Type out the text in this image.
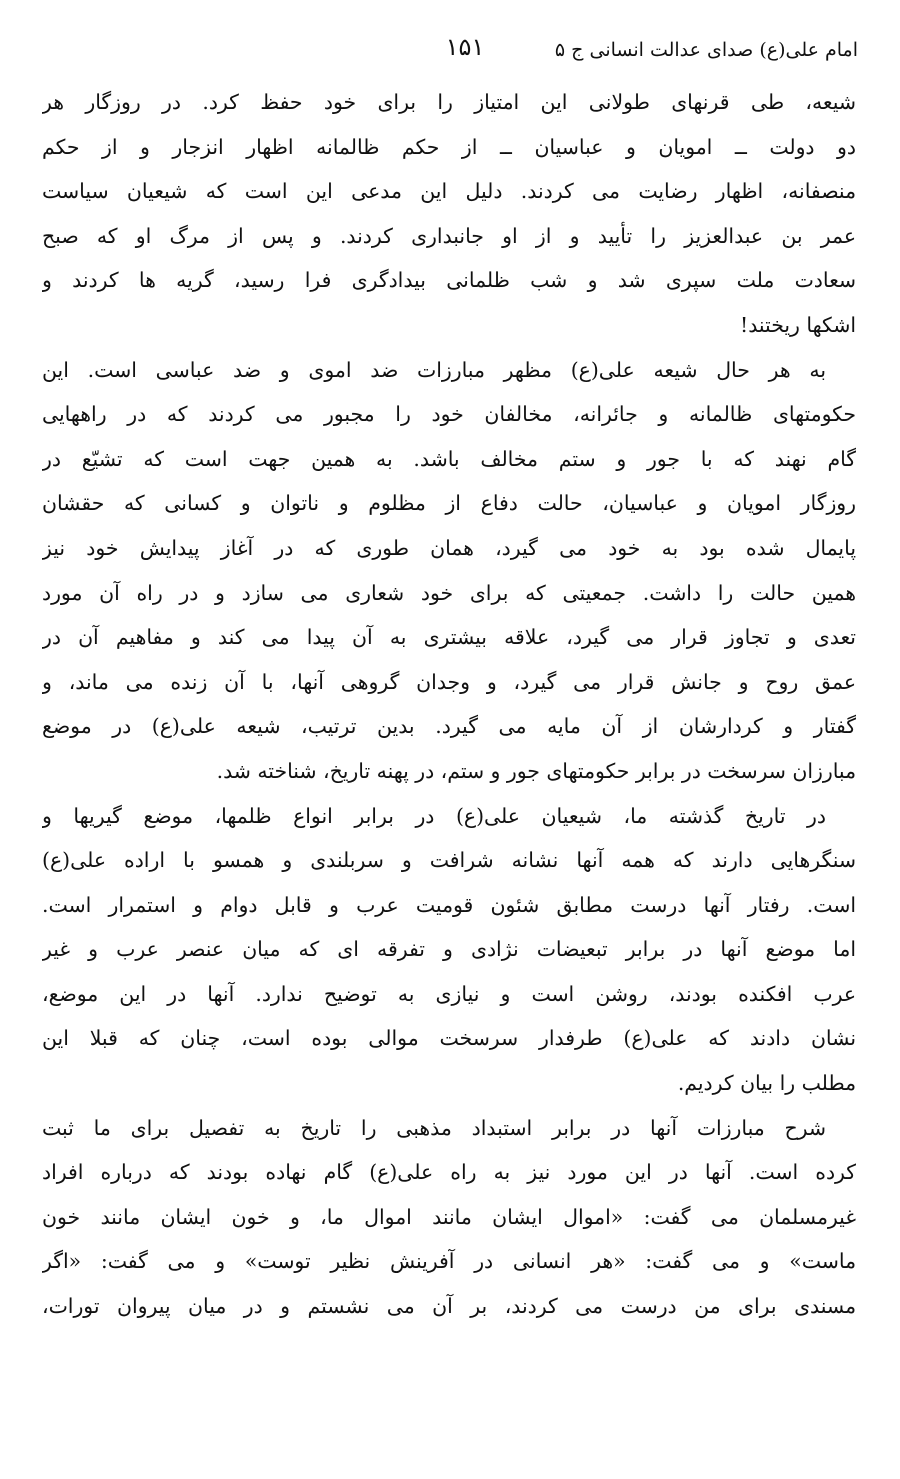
امام علی(ع) صدای عدالت انسانی ج ۵
۱۵۱

شیعه، طی قرنهای طولانی این امتیاز را برای خود حفظ کرد. در روزگار هر
دو دولت ــ امویان و عباسیان ــ از حکم ظالمانه اظهار انزجار و از حکم
منصفانه، اظهار رضایت می کردند. دلیل این مدعی این است که شیعیان سیاست
عمر بن عبدالعزیز را تأیید و از او جانبداری کردند. و پس از مرگ او که صبح
سعادت ملت سپری شد و شب ظلمانی بیدادگری فرا رسید، گریه ها کردند و
اشکها ریختند!

به هر حال شیعه علی(ع) مظهر مبارزات ضد اموی و ضد عباسی است. این
حکومتهای ظالمانه و جائرانه، مخالفان خود را مجبور می کردند که در راههایی
گام نهند که با جور و ستم مخالف باشد. به همین جهت است که تشیّع در
روزگار امویان و عباسیان، حالت دفاع از مظلوم و ناتوان و کسانی که حقشان
پایمال شده بود به خود می گیرد، همان طوری که در آغاز پیدایش خود نیز
همین حالت را داشت. جمعیتی که برای خود شعاری می سازد و در راه آن مورد
تعدی و تجاوز قرار می گیرد، علاقه بیشتری به آن پیدا می کند و مفاهیم آن در
عمق روح و جانش قرار می گیرد، و وجدان گروهی آنها، با آن زنده می ماند، و
گفتار و کردارشان از آن مایه می گیرد. بدین ترتیب، شیعه علی(ع) در موضع
مبارزان سرسخت در برابر حکومتهای جور و ستم، در پهنه تاریخ، شناخته شد.

در تاریخ گذشته ما، شیعیان علی(ع) در برابر انواع ظلمها، موضع گیریها و
سنگرهایی دارند که همه آنها نشانه شرافت و سربلندی و همسو با اراده علی(ع)
است. رفتار آنها درست مطابق شئون قومیت عرب و قابل دوام و استمرار است.
اما موضع آنها در برابر تبعیضات نژادی و تفرقه ای که میان عنصر عرب و غیر
عرب افکنده بودند، روشن است و نیازی به توضیح ندارد. آنها در این موضع،
نشان دادند که علی(ع) طرفدار سرسخت موالی بوده است، چنان که قبلا این
مطلب را بیان کردیم.

شرح مبارزات آنها در برابر استبداد مذهبی را تاریخ به تفصیل برای ما ثبت
کرده است. آنها در این مورد نیز به راه علی(ع) گام نهاده بودند که درباره افراد
غیرمسلمان می گفت: «اموال ایشان مانند اموال ما، و خون ایشان مانند خون
ماست» و می گفت: «هر انسانی در آفرینش نظیر توست» و می گفت: «اگر
مسندی برای من درست می کردند، بر آن می نشستم و در میان پیروان تورات،
